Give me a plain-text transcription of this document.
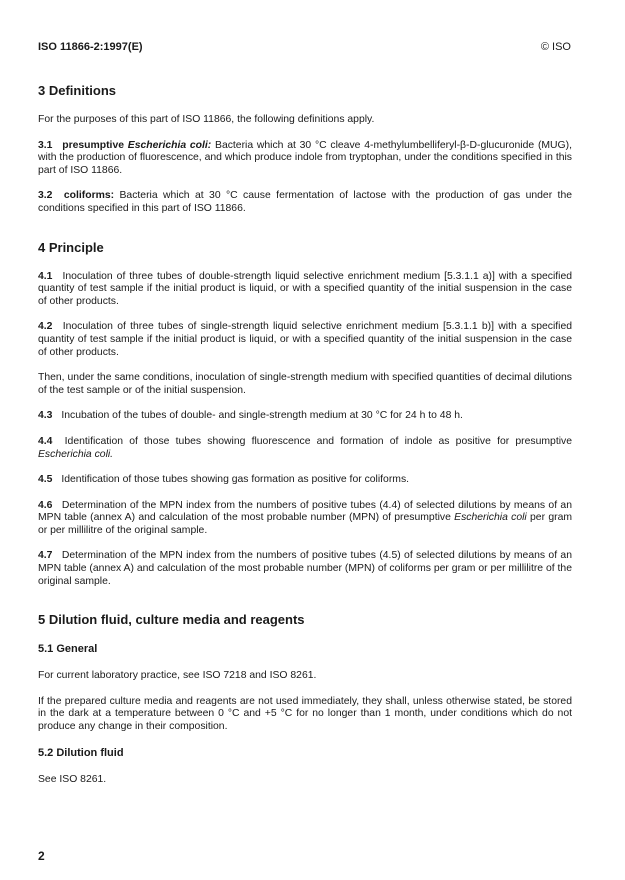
ISO 11866-2:1997(E)	© ISO
3 Definitions

For the purposes of this part of ISO 11866, the following definitions apply.

3.1 presumptive Escherichia coli: Bacteria which at 30 °C cleave 4-methylumbelliferyl-β-D-glucuronide (MUG), with the production of fluorescence, and which produce indole from tryptophan, under the conditions specified in this part of ISO 11866.

3.2 coliforms: Bacteria which at 30 °C cause fermentation of lactose with the production of gas under the conditions specified in this part of ISO 11866.

4 Principle

4.1 Inoculation of three tubes of double-strength liquid selective enrichment medium [5.3.1.1 a)] with a specified quantity of test sample if the initial product is liquid, or with a specified quantity of the initial suspension in the case of other products.

4.2 Inoculation of three tubes of single-strength liquid selective enrichment medium [5.3.1.1 b)] with a specified quantity of test sample if the initial product is liquid, or with a specified quantity of the initial suspension in the case of other products.

Then, under the same conditions, inoculation of single-strength medium with specified quantities of decimal dilutions of the test sample or of the initial suspension.

4.3 Incubation of the tubes of double- and single-strength medium at 30 °C for 24 h to 48 h.

4.4 Identification of those tubes showing fluorescence and formation of indole as positive for presumptive Escherichia coli.

4.5 Identification of those tubes showing gas formation as positive for coliforms.

4.6 Determination of the MPN index from the numbers of positive tubes (4.4) of selected dilutions by means of an MPN table (annex A) and calculation of the most probable number (MPN) of presumptive Escherichia coli per gram or per millilitre of the original sample.

4.7 Determination of the MPN index from the numbers of positive tubes (4.5) of selected dilutions by means of an MPN table (annex A) and calculation of the most probable number (MPN) of coliforms per gram or per millilitre of the original sample.

5 Dilution fluid, culture media and reagents
5.1 General

For current laboratory practice, see ISO 7218 and ISO 8261.

If the prepared culture media and reagents are not used immediately, they shall, unless otherwise stated, be stored in the dark at a temperature between 0 °C and +5 °C for no longer than 1 month, under conditions which do not produce any change in their composition.

5.2 Dilution fluid

See ISO 8261.

2
